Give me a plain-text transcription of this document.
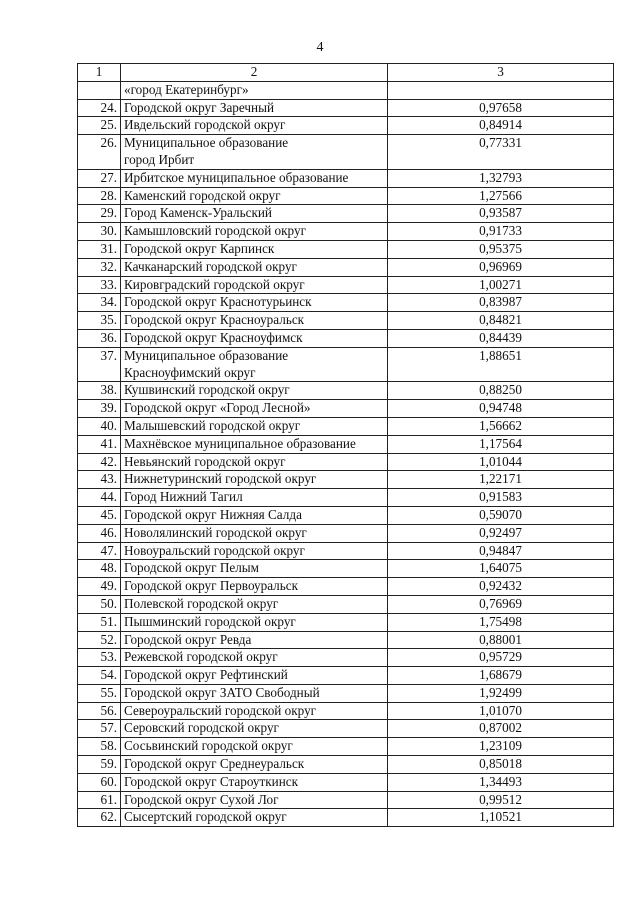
4
1	2	3
	«город Екатеринбург»	
24.	Городской округ Заречный	0,97658
25.	Ивдельский городской округ	0,84914
26.	Муниципальное образование
город Ирбит	0,77331
27.	Ирбитское муниципальное образование	1,32793
28.	Каменский городской округ	1,27566
29.	Город Каменск-Уральский	0,93587
30.	Камышловский городской округ	0,91733
31.	Городской округ Карпинск	0,95375
32.	Качканарский городской округ	0,96969
33.	Кировградский городской округ	1,00271
34.	Городской округ Краснотурьинск	0,83987
35.	Городской округ Красноуральск	0,84821
36.	Городской округ Красноуфимск	0,84439
37.	Муниципальное образование
Красноуфимский округ	1,88651
38.	Кушвинский городской округ	0,88250
39.	Городской округ «Город Лесной»	0,94748
40.	Малышевский городской округ	1,56662
41.	Махнёвское муниципальное образование	1,17564
42.	Невьянский городской округ	1,01044
43.	Нижнетуринский городской округ	1,22171
44.	Город Нижний Тагил	0,91583
45.	Городской округ Нижняя Салда	0,59070
46.	Новолялинский городской округ	0,92497
47.	Новоуральский городской округ	0,94847
48.	Городской округ Пелым	1,64075
49.	Городской округ Первоуральск	0,92432
50.	Полевской городской округ	0,76969
51.	Пышминский городской округ	1,75498
52.	Городской округ Ревда	0,88001
53.	Режевской городской округ	0,95729
54.	Городской округ Рефтинский	1,68679
55.	Городской округ ЗАТО Свободный	1,92499
56.	Североуральский городской округ	1,01070
57.	Серовский городской округ	0,87002
58.	Сосьвинский городской округ	1,23109
59.	Городской округ Среднеуральск	0,85018
60.	Городской округ Староуткинск	1,34493
61.	Городской округ Сухой Лог	0,99512
62.	Сысертский городской округ	1,10521
